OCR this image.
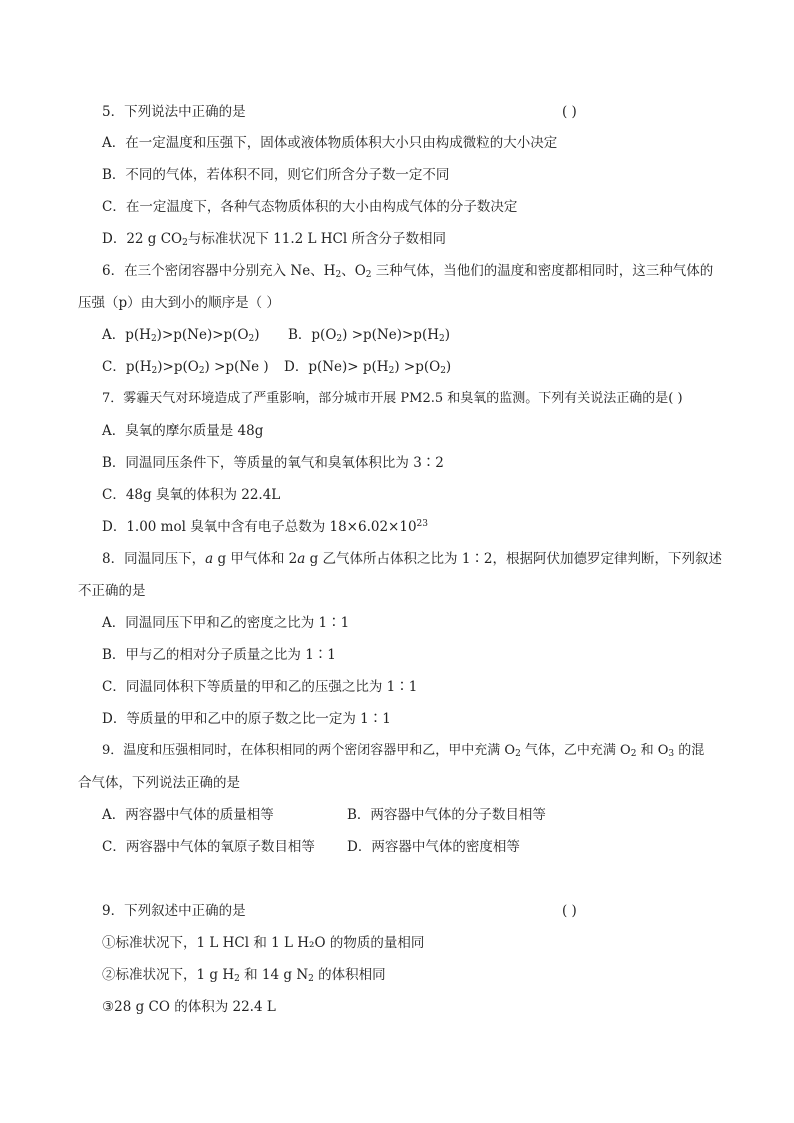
5．下列说法中正确的是	( )
A．在一定温度和压强下，固体或液体物质体积大小只由构成微粒的大小决定
B．不同的气体，若体积不同，则它们所含分子数一定不同
C．在一定温度下，各种气态物质体积的大小由构成气体的分子数决定
D．22 g $CO_2$与标准状况下 11.2 L HCl 所含分子数相同
6．在三个密闭容器中分别充入 Ne、$H_2$、$O_2$ 三种气体，当他们的温度和密度都相同时，这三种气体的
压强（p）由大到小的顺序是（ ）
A．$p(H_2)>p(Ne)>p(O_2)$ B．$p(O_2) >p(Ne)>p(H_2)$
C．$p(H_2)>p(O_2) >p(Ne$ ) D．$p(Ne)> p(H_2) >p(O_2)$
7．雾霾天气对环境造成了严重影响，部分城市开展 PM2.5 和臭氧的监测。下列有关说法正确的是( )
A．臭氧的摩尔质量是 48g
B．同温同压条件下，等质量的氧气和臭氧体积比为 3∶2
C．48g 臭氧的体积为 22.4L
D．1.00 mol 臭氧中含有电子总数为 $18\times 6.02\times 10^{23}$
8．同温同压下，a g 甲气体和 2a g 乙气体所占体积之比为 1∶2，根据阿伏加德罗定律判断，下列叙述
不正确的是
A．同温同压下甲和乙的密度之比为 1∶1
B．甲与乙的相对分子质量之比为 1∶1
C．同温同体积下等质量的甲和乙的压强之比为 1∶1
D．等质量的甲和乙中的原子数之比一定为 1∶1
9．温度和压强相同时，在体积相同的两个密闭容器甲和乙，甲中充满 $O_2$ 气体，乙中充满 $O_2$ 和 $O_3$ 的混
合气体，下列说法正确的是
A．两容器中气体的质量相等	B．两容器中气体的分子数目相等
C．两容器中气体的氧原子数目相等 D．两容器中气体的密度相等
9．下列叙述中正确的是	( )
①标准状况下，1 L HCl 和 1 L H₂O 的物质的量相同
②标准状况下，1 g $H_2$ 和 14 g $N_2$ 的体积相同
③28 g CO 的体积为 22.4 L
